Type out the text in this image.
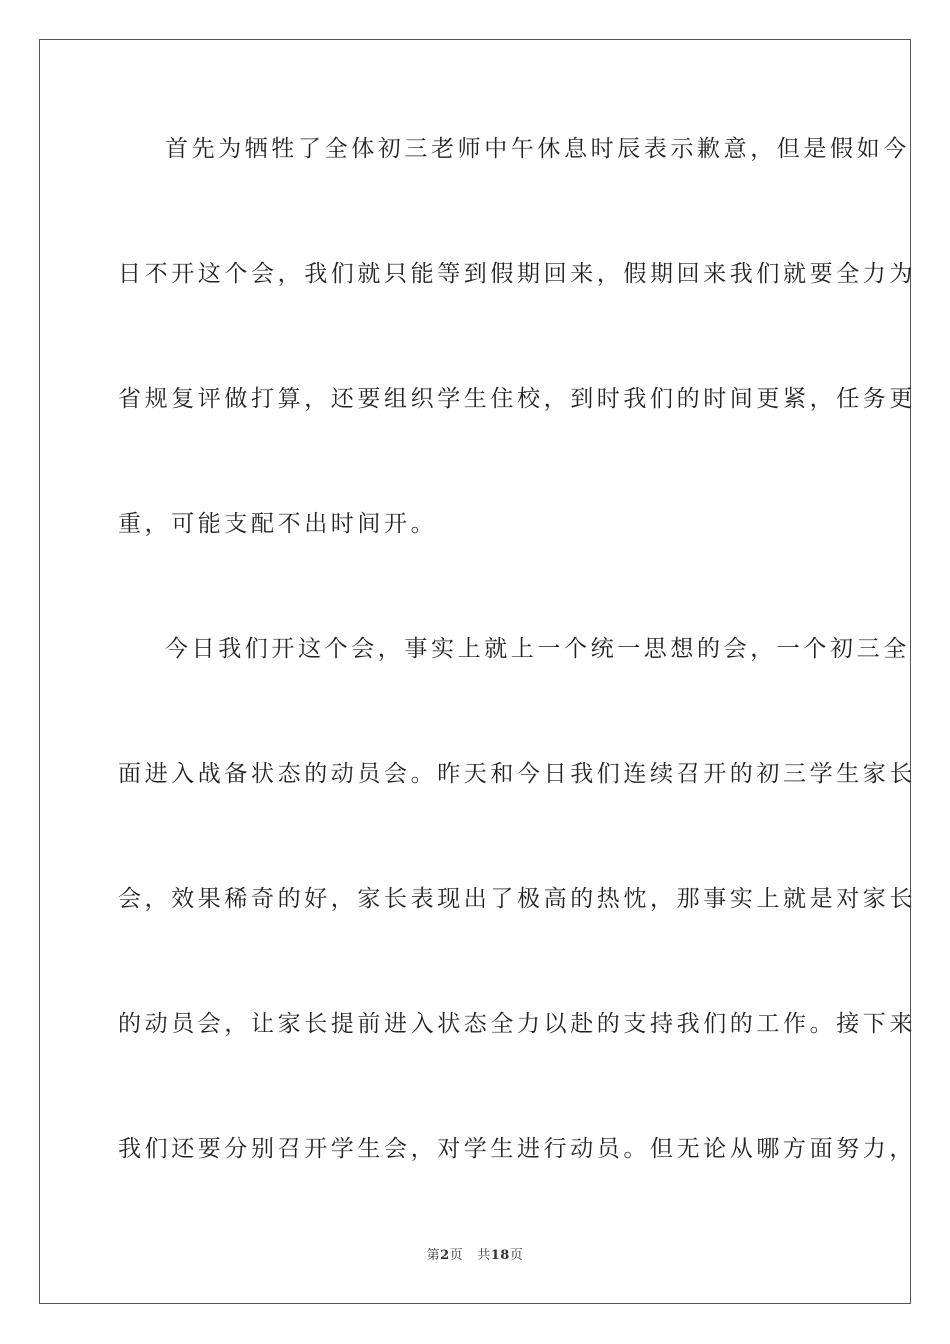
首先为牺牲了全体初三老师中午休息时辰表示歉意，但是假如今
日不开这个会，我们就只能等到假期回来，假期回来我们就要全力为
省规复评做打算，还要组织学生住校，到时我们的时间更紧，任务更
重，可能支配不出时间开。
今日我们开这个会，事实上就上一个统一思想的会，一个初三全
面进入战备状态的动员会。昨天和今日我们连续召开的初三学生家长
会，效果稀奇的好，家长表现出了极高的热忱，那事实上就是对家长
的动员会，让家长提前进入状态全力以赴的支持我们的工作。接下来
我们还要分别召开学生会，对学生进行动员。但无论从哪方面努力，
第2页 共18页
